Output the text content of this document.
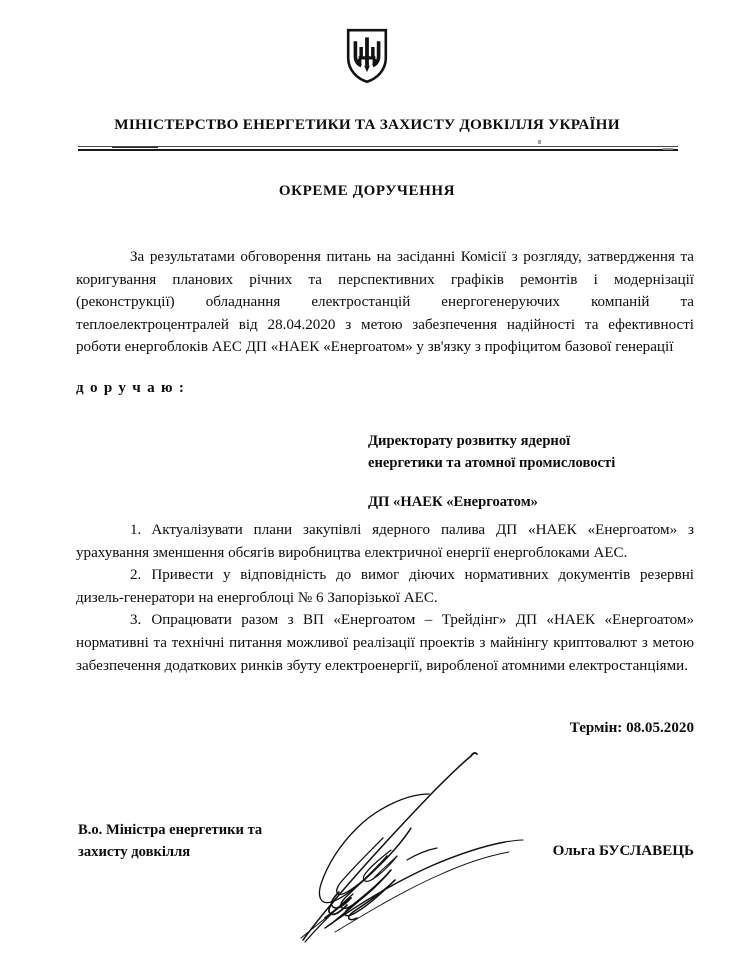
МІНІСТЕРСТВО ЕНЕРГЕТИКИ ТА ЗАХИСТУ ДОВКІЛЛЯ УКРАЇНИ
ОКРЕМЕ ДОРУЧЕННЯ
За результатами обговорення питань на засіданні Комісії з розгляду, затвердження та коригування планових річних та перспективних графіків ремонтів і модернізації (реконструкції) обладнання електростанцій енергогенеруючих компаній та теплоелектроцентралей від 28.04.2020 з метою забезпечення надійності та ефективності роботи енергоблоків АЕС ДП «НАЕК «Енергоатом» у зв'язку з профіцитом базової генерації
доручаю:
Директорату розвитку ядерної
енергетики та атомної промисловості
ДП «НАЕК «Енергоатом»
1. Актуалізувати плани закупівлі ядерного палива ДП «НАЕК «Енергоатом» з урахування зменшення обсягів виробництва електричної енергії енергоблоками АЕС.
2. Привести у відповідність до вимог діючих нормативних документів резервні дизель-генератори на енергоблоці № 6 Запорізької АЕС.
3. Опрацювати разом з ВП «Енергоатом – Трейдінг» ДП «НАЕК «Енергоатом» нормативні та технічні питання можливої реалізації проектів з майнінгу криптовалют з метою забезпечення додаткових ринків збуту електроенергії, виробленої атомними електростанціями.
Термін: 08.05.2020
В.о. Міністра енергетики та
захисту довкілля	Ольга БУСЛАВЕЦЬ
